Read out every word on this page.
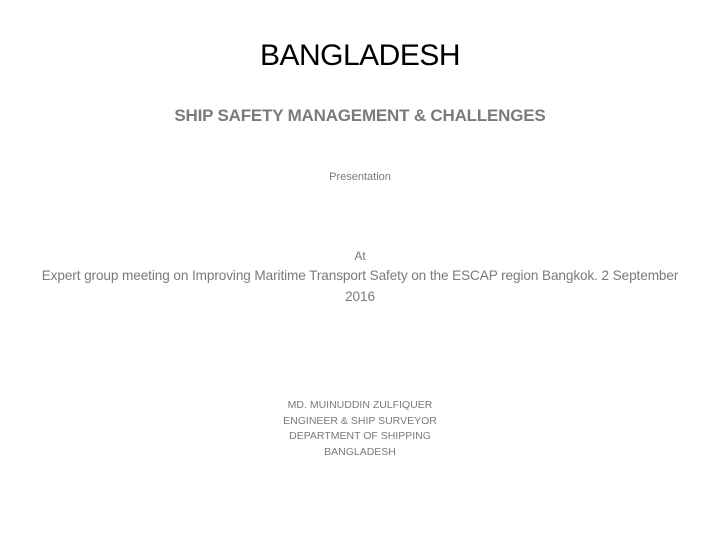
BANGLADESH
SHIP SAFETY MANAGEMENT & CHALLENGES
Presentation
At
Expert group meeting on Improving Maritime Transport Safety on the ESCAP region Bangkok. 2 September 2016
MD. MUINUDDIN ZULFIQUER
ENGINEER & SHIP SURVEYOR
DEPARTMENT OF SHIPPING
BANGLADESH
